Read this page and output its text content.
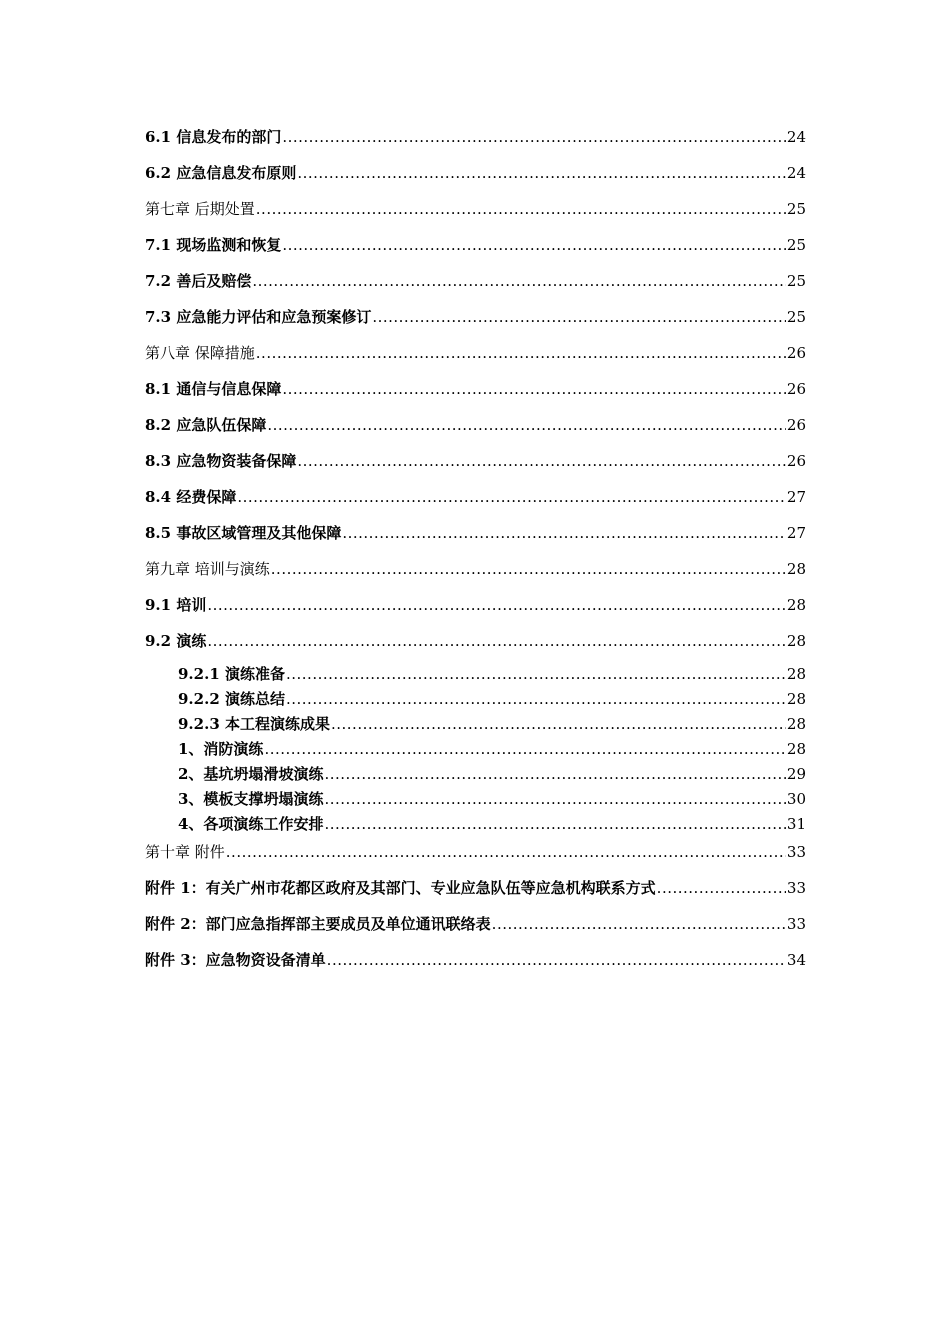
6.1 信息发布的部门 .....	24
6.2 应急信息发布原则 .....	24
第七章 后期处置 .....	25
7.1 现场监测和恢复 .....	25
7.2 善后及赔偿 .....	25
7.3 应急能力评估和应急预案修订 .....	25
第八章 保障措施 .....	26
8.1 通信与信息保障 .....	26
8.2 应急队伍保障 .....	26
8.3 应急物资装备保障 .....	26
8.4 经费保障 .....	27
8.5 事故区域管理及其他保障 .....	27
第九章 培训与演练 .....	28
9.1 培训 .....	28
9.2 演练 .....	28
9.2.1 演练准备 .....	28
9.2.2 演练总结 .....	28
9.2.3 本工程演练成果 .....	28
1、消防演练 .....	28
2、基坑坍塌滑坡演练 .....	29
3、模板支撑坍塌演练 .....	30
4、各项演练工作安排 .....	31
第十章 附件 .....	33
附件 1：有关广州市花都区政府及其部门、专业应急队伍等应急机构联系方式 .....	33
附件 2：部门应急指挥部主要成员及单位通讯联络表 .....	33
附件 3：应急物资设备清单 .....	34
